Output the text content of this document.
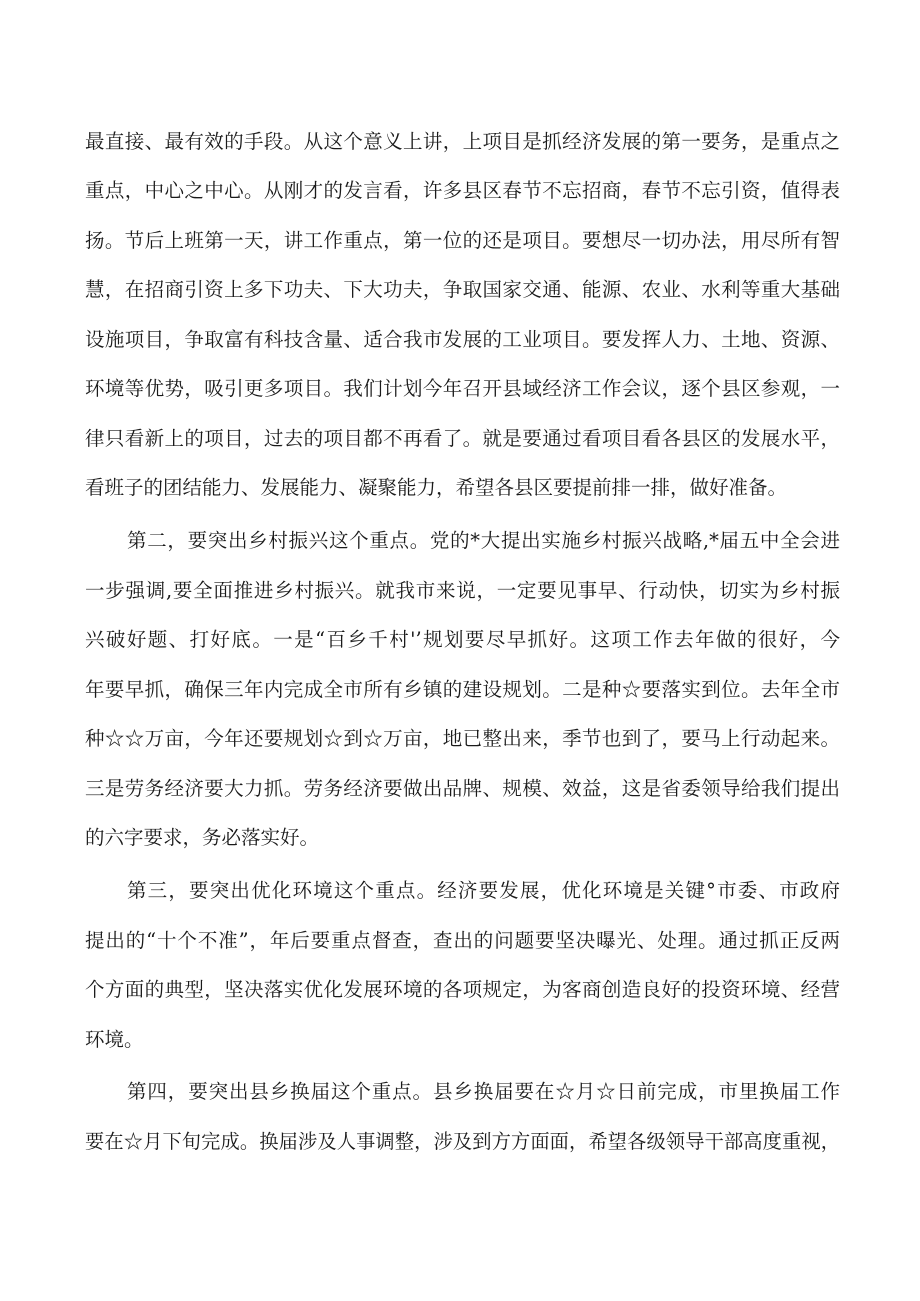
最直接、最有效的手段。从这个意义上讲，上项目是抓经济发展的第一要务，是重点之
重点，中心之中心。从刚才的发言看，许多县区春节不忘招商，春节不忘引资，值得表
扬。节后上班第一天，讲工作重点，第一位的还是项目。要想尽一切办法，用尽所有智
慧，在招商引资上多下功夫、下大功夫，争取国家交通、能源、农业、水利等重大基础
设施项目，争取富有科技含量、适合我市发展的工业项目。要发挥人力、土地、资源、
环境等优势，吸引更多项目。我们计划今年召开县域经济工作会议，逐个县区参观，一
律只看新上的项目，过去的项目都不再看了。就是要通过看项目看各县区的发展水平，
看班子的团结能力、发展能力、凝聚能力，希望各县区要提前排一排，做好准备。
第二，要突出乡村振兴这个重点。党的*大提出实施乡村振兴战略,*届五中全会进
一步强调,要全面推进乡村振兴。就我市来说，一定要见事早、行动快，切实为乡村振
兴破好题、打好底。一是“百乡千村'’规划要尽早抓好。这项工作去年做的很好，今
年要早抓，确保三年内完成全市所有乡镇的建设规划。二是种☆要落实到位。去年全市
种☆☆万亩，今年还要规划☆到☆万亩，地已整出来，季节也到了，要马上行动起来。
三是劳务经济要大力抓。劳务经济要做出品牌、规模、效益，这是省委领导给我们提出
的六字要求，务必落实好。
第三，要突出优化环境这个重点。经济要发展，优化环境是关键°市委、市政府
提出的“十个不准”，年后要重点督查，查出的问题要坚决曝光、处理。通过抓正反两
个方面的典型，坚决落实优化发展环境的各项规定，为客商创造良好的投资环境、经营
环境。
第四，要突出县乡换届这个重点。县乡换届要在☆月☆日前完成，市里换届工作
要在☆月下旬完成。换届涉及人事调整，涉及到方方面面，希望各级领导干部高度重视，
